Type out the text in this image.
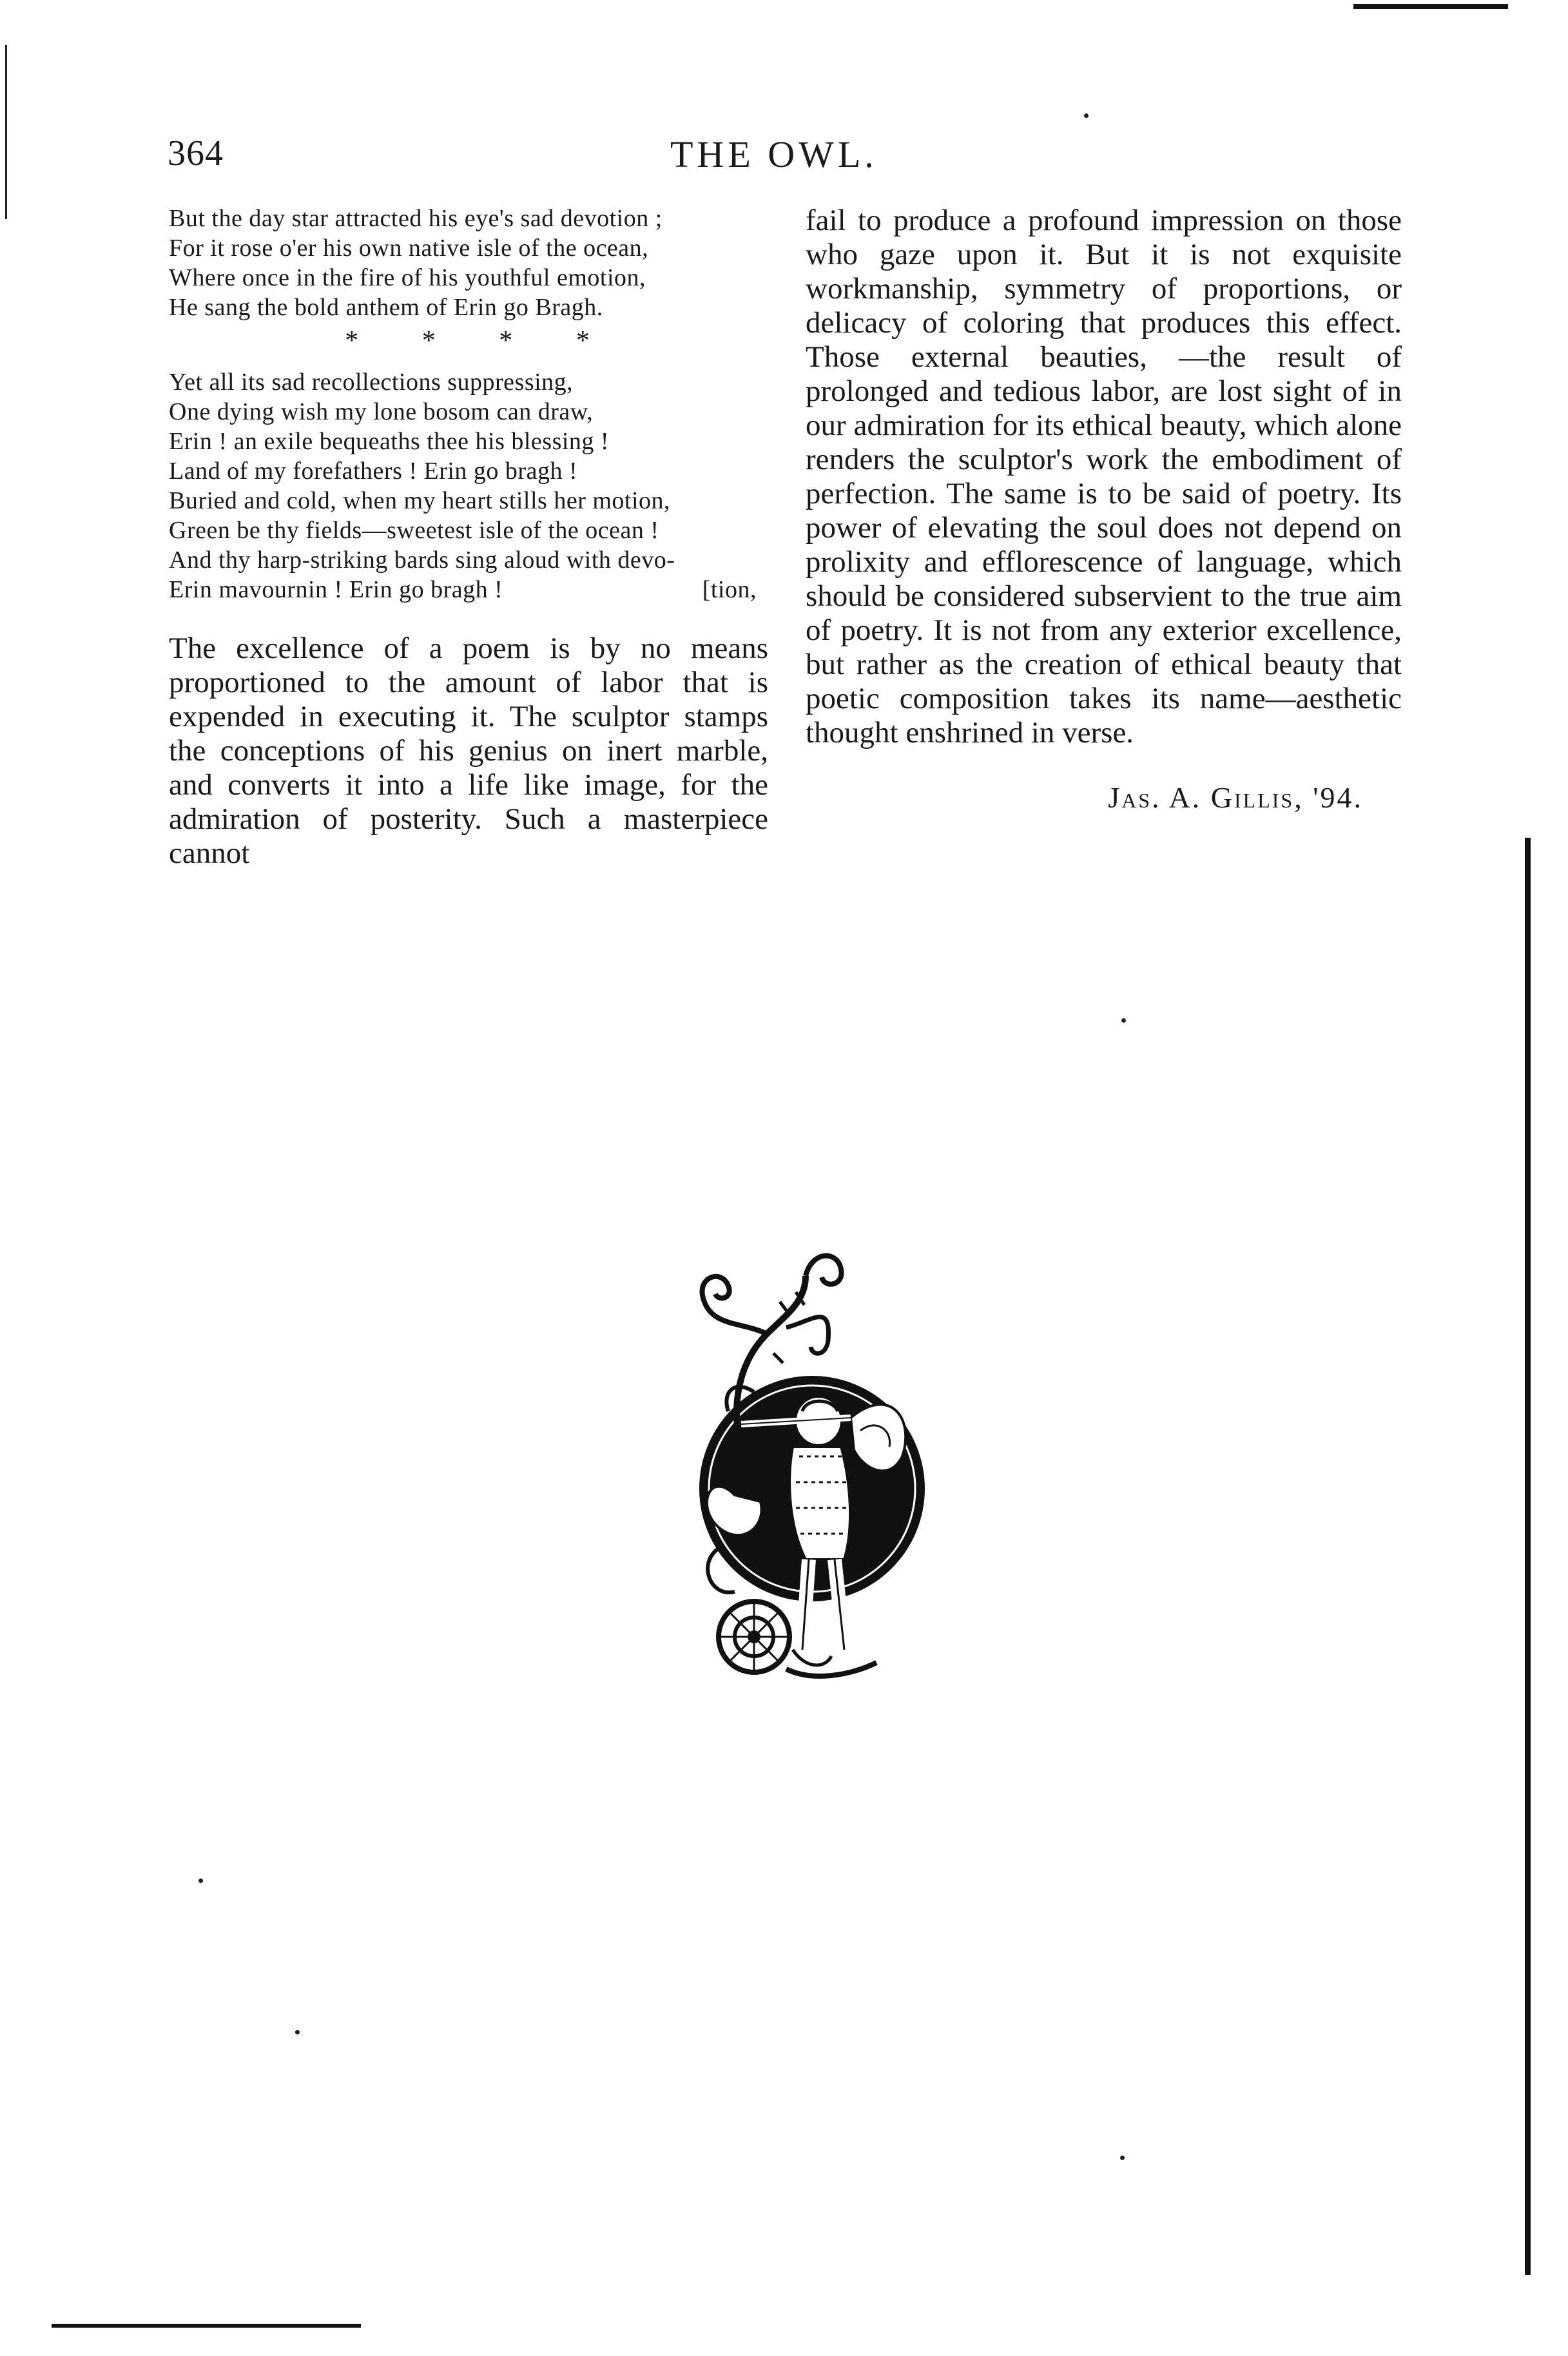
364	THE OWL.
But the day star attracted his eye's sad devotion ;
For it rose o'er his own native isle of the ocean,
Where once in the fire of his youthful emotion,
He sang the bold anthem of Erin go Bragh.
* * * *
Yet all its sad recollections suppressing,
One dying wish my lone bosom can draw,
Erin ! an exile bequeaths thee his blessing !
Land of my forefathers ! Erin go bragh !
Buried and cold, when my heart stills her motion,
Green be thy fields—sweetest isle of the ocean !
And thy harp-striking bards sing aloud with devo-
Erin mavournin ! Erin go bragh !	[tion,

The excellence of a poem is by no means proportioned to the amount of labor that is expended in executing it. The sculptor stamps the conceptions of his genius on inert marble, and converts it into a life like image, for the admiration of posterity. Such a masterpiece cannot

fail to produce a profound impression on those who gaze upon it. But it is not exquisite workmanship, symmetry of proportions, or delicacy of coloring that produces this effect. Those external beauties, —the result of prolonged and tedious labor, are lost sight of in our admiration for its ethical beauty, which alone renders the sculptor's work the embodiment of perfection. The same is to be said of poetry. Its power of elevating the soul does not depend on prolixity and efflorescence of language, which should be considered subservient to the true aim of poetry. It is not from any exterior excellence, but rather as the creation of ethical beauty that poetic composition takes its name—aesthetic thought enshrined in verse.

Jas. A. Gillis, '94.
